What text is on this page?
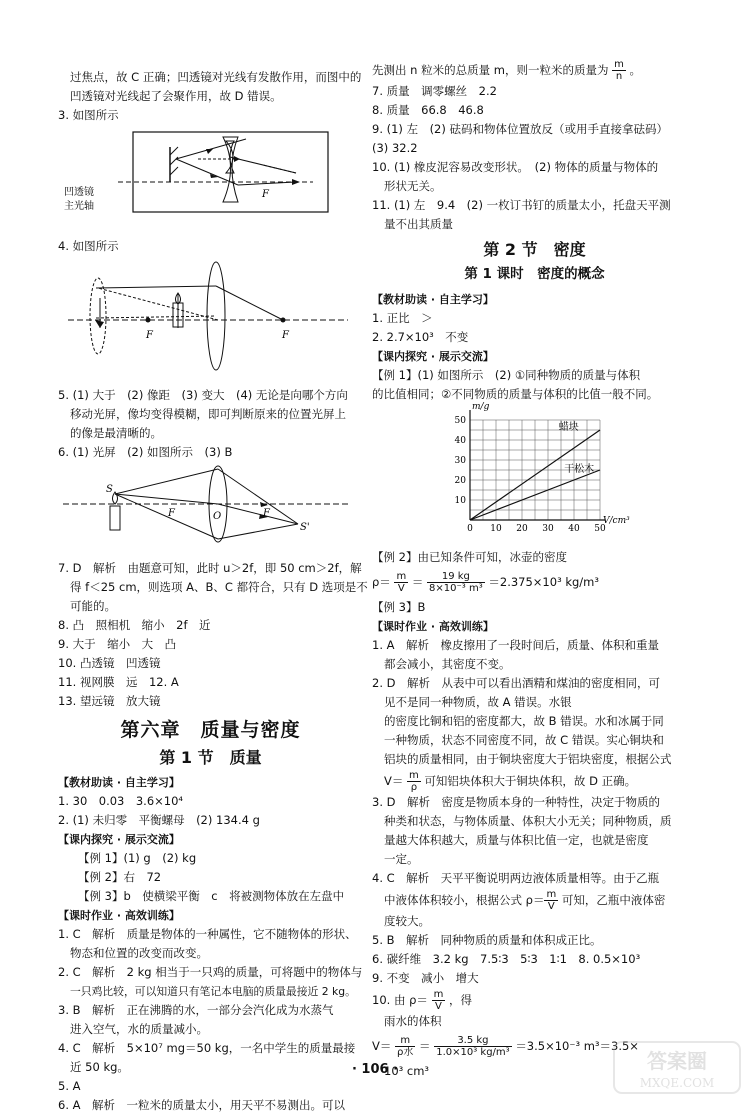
过焦点，故 C 正确；凹透镜对光线有发散作用，而图中的
凹透镜对光线起了会聚作用，故 D 错误。
3. 如图所示
F
凹透镜
主光轴
4. 如图所示
F	F
5. (1) 大于　(2) 像距　(3) 变大　(4) 无论是向哪个方向
移动光屏，像均变得模糊，即可判断原来的位置光屏上
的像是最清晰的。
6. (1) 光屏　(2) 如图所示　(3) B
S
F	O	F
S'
7. D　解析　由题意可知，此时 u＞2f，即 50 cm＞2f，解
得 f＜25 cm，则选项 A、B、C 都符合，只有 D 选项是不
可能的。
8. 凸　照相机　缩小　2f　近
9. 大于　缩小　大　凸
10. 凸透镜　凹透镜
11. 视网膜　远　12. A
13. 望远镜　放大镜
第六章　质量与密度
第 1 节　质量
【教材助读 · 自主学习】
1. 30　0.03　3.6×10⁴
2. (1) 未归零　平衡螺母　(2) 134.4 g
【课内探究 · 展示交流】
【例 1】(1) g　(2) kg
【例 2】右　72
【例 3】b　使横梁平衡　c　将被测物体放在左盘中
【课时作业 · 高效训练】
1. C　解析　质量是物体的一种属性，它不随物体的形状、
物态和位置的改变而改变。
2. C　解析　2 kg 相当于一只鸡的质量，可将题中的物体与
一只鸡比较，可以知道只有笔记本电脑的质量最接近 2 kg。
3. B　解析　正在沸腾的水，一部分会汽化成为水蒸气
进入空气，水的质量减小。
4. C　解析　5×10⁷ mg＝50 kg，一名中学生的质量最接
近 50 kg。
5. A
6. A　解析　一粒米的质量太小，用天平不易测出。可以
先测出 n 粒米的总质量 m，则一粒米的质量为 $\frac{m}{n}$ 。
7. 质量　调零螺丝　2.2
8. 质量　66.8　46.8
9. (1) 左　(2) 砝码和物体位置放反（或用手直接拿砝码）
(3) 32.2
10. (1) 橡皮泥容易改变形状。　(2) 物体的质量与物体的
形状无关。
11. (1) 左　9.4　(2) 一枚订书钉的质量太小，托盘天平测
量不出其质量
第 2 节　密度
第 1 课时　密度的概念
【教材助读 · 自主学习】
1. 正比　＞
2. 2.7×10³　不变
【课内探究 · 展示交流】
【例 1】(1) 如图所示　(2) ①同种物质的质量与体积
的比值相同；②不同物质的质量与体积的比值一般不同。
0 10 20 30 40 50
10
20
30
40
50
m/g
V/cm³
蜡块
干松木
【例 2】由已知条件可知，冰壶的密度
$\rho= \frac{m}{V} = \frac{19 kg}{\text{8×10⁻³ m³}} =2.375\times 10^3$ kg/m³
【例 3】B
【课时作业 · 高效训练】
1. A　解析　橡皮擦用了一段时间后，质量、体积和重量
都会减小，其密度不变。
2. D　解析　从表中可以看出酒精和煤油的密度相同，可
见不是同一种物质，故 A 错误。水银
的密度比铜和铝的密度都大，故 B 错误。水和冰属于同
一种物质，状态不同密度不同，故 C 错误。实心铜块和
铝块的质量相同，由于铜块密度大于铝块密度，根据公式
$V= \frac{m}{\rho}$ 可知铝块体积大于铜块体积，故 D 正确。
3. D　解析　密度是物质本身的一种特性，决定于物质的
种类和状态，与物体质量、体积大小无关；同种物质，质
量越大体积越大，质量与体积比值一定，也就是密度
一定。
4. C　解析　天平平衡说明两边液体质量相等。由于乙瓶
中液体体积较小，根据公式 $\rho= \frac{m}{V}$ 可知，乙瓶中液体密
度较大。
5. B　解析　同种物质的质量和体积成正比。
6. 碳纤维　3.2 kg　7.5∶3　5∶3　1∶1　8. 0.5×10³
9. 不变　减小　增大
10. 由 $\rho= \frac{m}{V}$ ，得
雨水的体积
$V= \frac{m}{\text{ρ水}} = \frac{3.5 kg}{\text{1.0×10³ kg/m³}} =3.5\times 10^{-3}$ m³＝3.5×
10³ cm³
· 106 ·	答案圈
MXQE.COM
